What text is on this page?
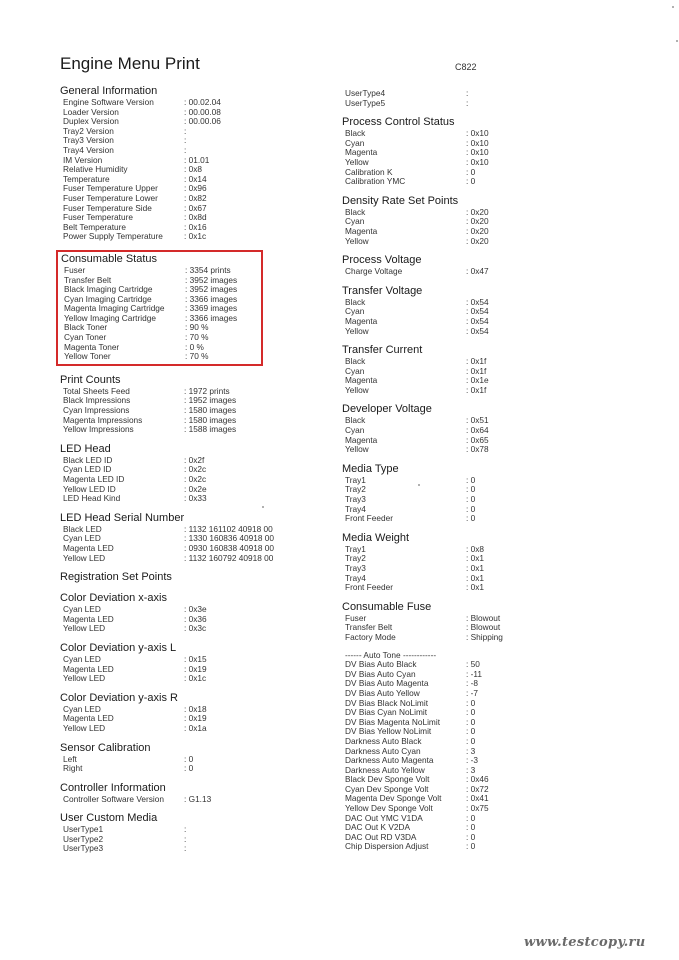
Engine Menu Print	C822
General Information
Engine Software Version	: 00.02.04
Loader Version	: 00.00.08
Duplex Version	: 00.00.06
Tray2 Version	:
Tray3 Version	:
Tray4 Version	:
IM Version	: 01.01
Relative Humidity	: 0x8
Temperature	: 0x14
Fuser Temperature Upper	: 0x96
Fuser Temperature Lower	: 0x82
Fuser Temperature Side	: 0x67
Fuser Temperature	: 0x8d
Belt Temperature	: 0x16
Power Supply Temperature	: 0x1c
Consumable Status
Fuser	: 3354 prints
Transfer Belt	: 3952 images
Black Imaging Cartridge	: 3952 images
Cyan Imaging Cartridge	: 3366 images
Magenta Imaging Cartridge : 3369 images
Yellow Imaging Cartridge	: 3366 images
Black Toner	: 90 %
Cyan Toner	: 70 %
Magenta Toner	: 0 %
Yellow Toner	: 70 %
Print Counts
Total Sheets Feed	: 1972 prints
Black Impressions	: 1952 images
Cyan Impressions	: 1580 images
Magenta Impressions	: 1580 images
Yellow Impressions	: 1588 images
LED Head
Black LED ID	: 0x2f
Cyan LED ID	: 0x2c
Magenta LED ID	: 0x2c
Yellow LED ID	: 0x2e
LED Head Kind	: 0x33
LED Head Serial Number
Black LED	: 1132 161102 40918 00
Cyan LED	: 1330 160836 40918 00
Magenta LED	: 0930 160838 40918 00
Yellow LED	: 1132 160792 40918 00
Registration Set Points
Color Deviation x-axis
Cyan LED	: 0x3e
Magenta LED	: 0x36
Yellow LED	: 0x3c
Color Deviation y-axis L
Cyan LED	: 0x15
Magenta LED	: 0x19
Yellow LED	: 0x1c
Color Deviation y-axis R
Cyan LED	: 0x18
Magenta LED	: 0x19
Yellow LED	: 0x1a
Sensor Calibration
Left	: 0
Right	: 0
Controller Information
Controller Software Version : G1.13
User Custom Media
UserType1	:
UserType2	:
UserType3	:
UserType4	:
UserType5	:
Process Control Status
Black	: 0x10
Cyan	: 0x10
Magenta	: 0x10
Yellow	: 0x10
Calibration K	: 0
Calibration YMC	: 0
Density Rate Set Points
Black	: 0x20
Cyan	: 0x20
Magenta	: 0x20
Yellow	: 0x20
Process Voltage
Charge Voltage	: 0x47
Transfer Voltage
Black	: 0x54
Cyan	: 0x54
Magenta	: 0x54
Yellow	: 0x54
Transfer Current
Black	: 0x1f
Cyan	: 0x1f
Magenta	: 0x1e
Yellow	: 0x1f
Developer Voltage
Black	: 0x51
Cyan	: 0x64
Magenta	: 0x65
Yellow	: 0x78
Media Type
Tray1	: 0
Tray2	: 0
Tray3	: 0
Tray4	: 0
Front Feeder	: 0
Media Weight
Tray1	: 0x8
Tray2	: 0x1
Tray3	: 0x1
Tray4	: 0x1
Front Feeder	: 0x1
Consumable Fuse
Fuser	: Blowout
Transfer Belt	: Blowout
Factory Mode	: Shipping
------ Auto Tone ------------
DV Bias Auto Black	: 50
DV Bias Auto Cyan	: -11
DV Bias Auto Magenta	: -8
DV Bias Auto Yellow	: -7
DV Bias Black NoLimit	: 0
DV Bias Cyan NoLimit	: 0
DV Bias Magenta NoLimit	: 0
DV Bias Yellow NoLimit	: 0
Darkness Auto Black	: 0
Darkness Auto Cyan	: 3
Darkness Auto Magenta	: -3
Darkness Auto Yellow	: 3
Black Dev Sponge Volt	: 0x46
Cyan Dev Sponge Volt	: 0x72
Magenta Dev Sponge Volt	: 0x41
Yellow Dev Sponge Volt	: 0x75
DAC Out YMC V1DA	: 0
DAC Out K V2DA	: 0
DAC Out RD V3DA	: 0
Chip Dispersion Adjust	: 0
www.testcopy.ru
